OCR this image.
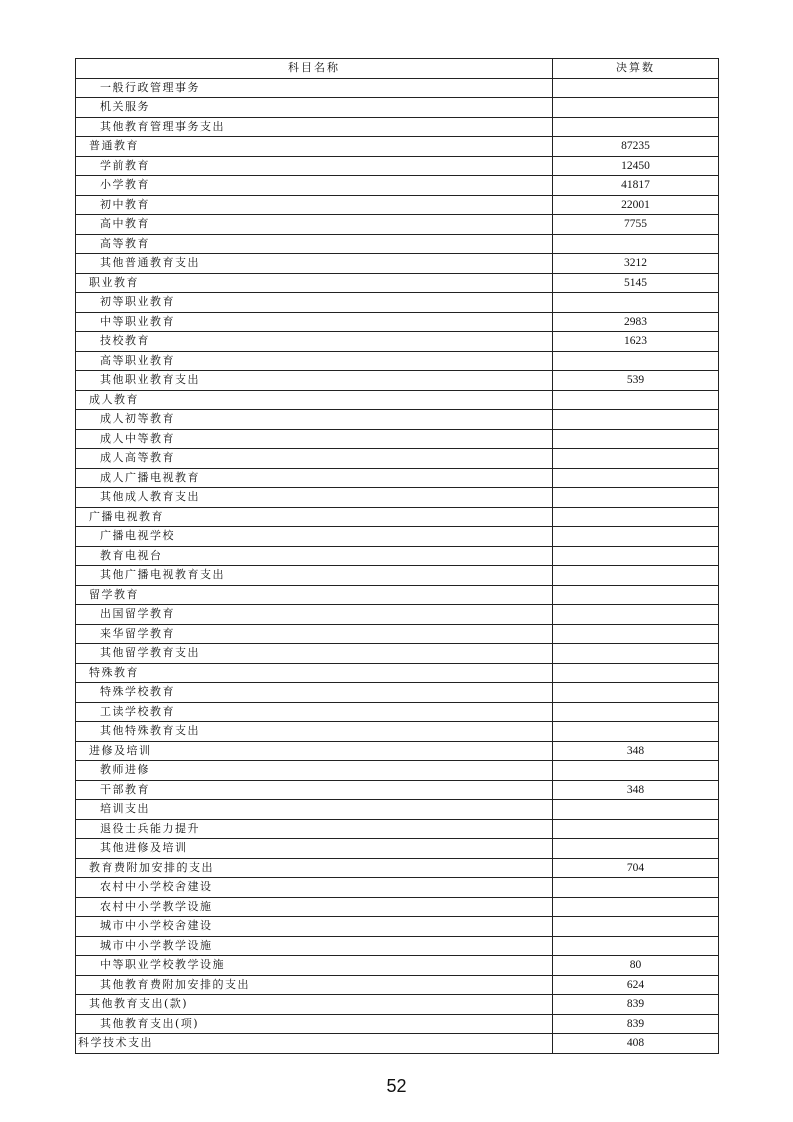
科目名称	决算数
一般行政管理事务	
机关服务	
其他教育管理事务支出	
普通教育	87235
学前教育	12450
小学教育	41817
初中教育	22001
高中教育	7755
高等教育	
其他普通教育支出	3212
职业教育	5145
初等职业教育	
中等职业教育	2983
技校教育	1623
高等职业教育	
其他职业教育支出	539
成人教育	
成人初等教育	
成人中等教育	
成人高等教育	
成人广播电视教育	
其他成人教育支出	
广播电视教育	
广播电视学校	
教育电视台	
其他广播电视教育支出	
留学教育	
出国留学教育	
来华留学教育	
其他留学教育支出	
特殊教育	
特殊学校教育	
工读学校教育	
其他特殊教育支出	
进修及培训	348
教师进修	
干部教育	348
培训支出	
退役士兵能力提升	
其他进修及培训	
教育费附加安排的支出	704
农村中小学校舍建设	
农村中小学教学设施	
城市中小学校舍建设	
城市中小学教学设施	
中等职业学校教学设施	80
其他教育费附加安排的支出	624
其他教育支出(款)	839
其他教育支出(项)	839
科学技术支出	408
52
